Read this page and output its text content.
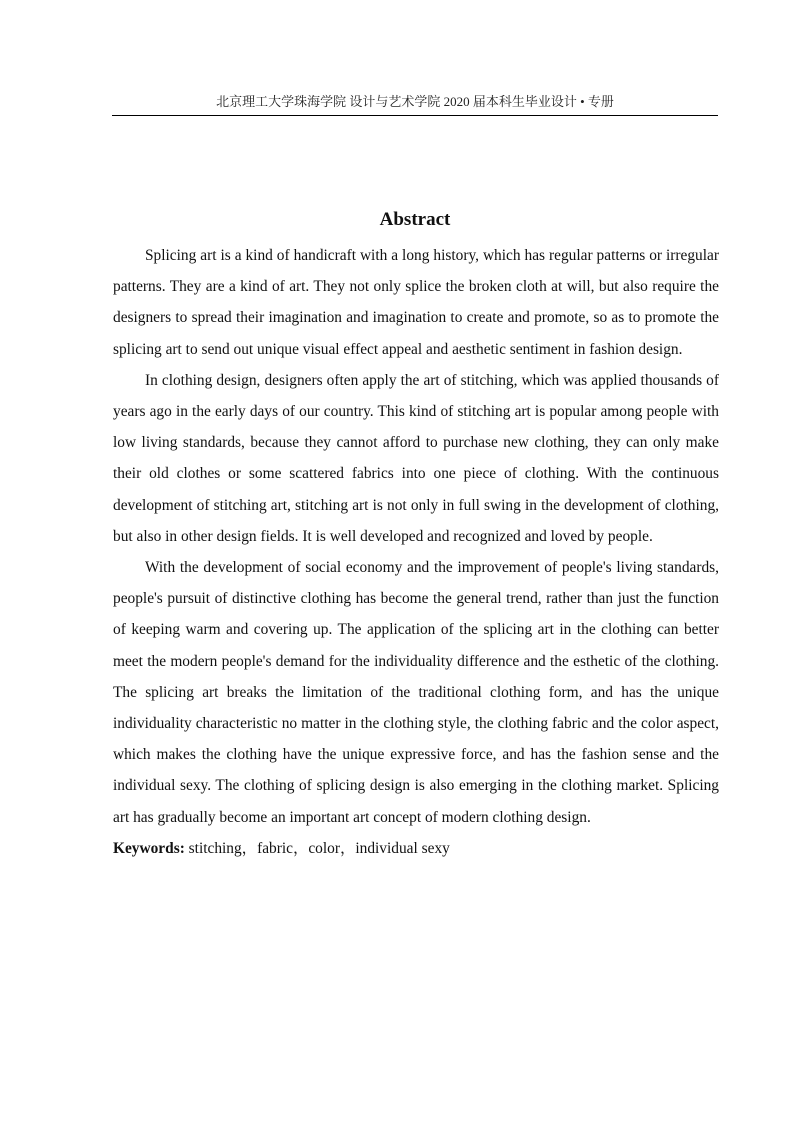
北京理工大学珠海学院 设计与艺术学院 2020 届本科生毕业设计 • 专册
Abstract

Splicing art is a kind of handicraft with a long history, which has regular patterns or irregular patterns. They are a kind of art. They not only splice the broken cloth at will, but also require the designers to spread their imagination and imagination to create and promote, so as to promote the splicing art to send out unique visual effect appeal and aesthetic sentiment in fashion design.

In clothing design, designers often apply the art of stitching, which was applied thousands of years ago in the early days of our country. This kind of stitching art is popular among people with low living standards, because they cannot afford to purchase new clothing, they can only make their old clothes or some scattered fabrics into one piece of clothing. With the continuous development of stitching art, stitching art is not only in full swing in the development of clothing, but also in other design fields. It is well developed and recognized and loved by people.

With the development of social economy and the improvement of people's living standards, people's pursuit of distinctive clothing has become the general trend, rather than just the function of keeping warm and covering up. The application of the splicing art in the clothing can better meet the modern people's demand for the individuality difference and the esthetic of the clothing. The splicing art breaks the limitation of the traditional clothing form, and has the unique individuality characteristic no matter in the clothing style, the clothing fabric and the color aspect, which makes the clothing have the unique expressive force, and has the fashion sense and the individual sexy. The clothing of splicing design is also emerging in the clothing market. Splicing art has gradually become an important art concept of modern clothing design.

Keywords: stitching，fabric，color，individual sexy
